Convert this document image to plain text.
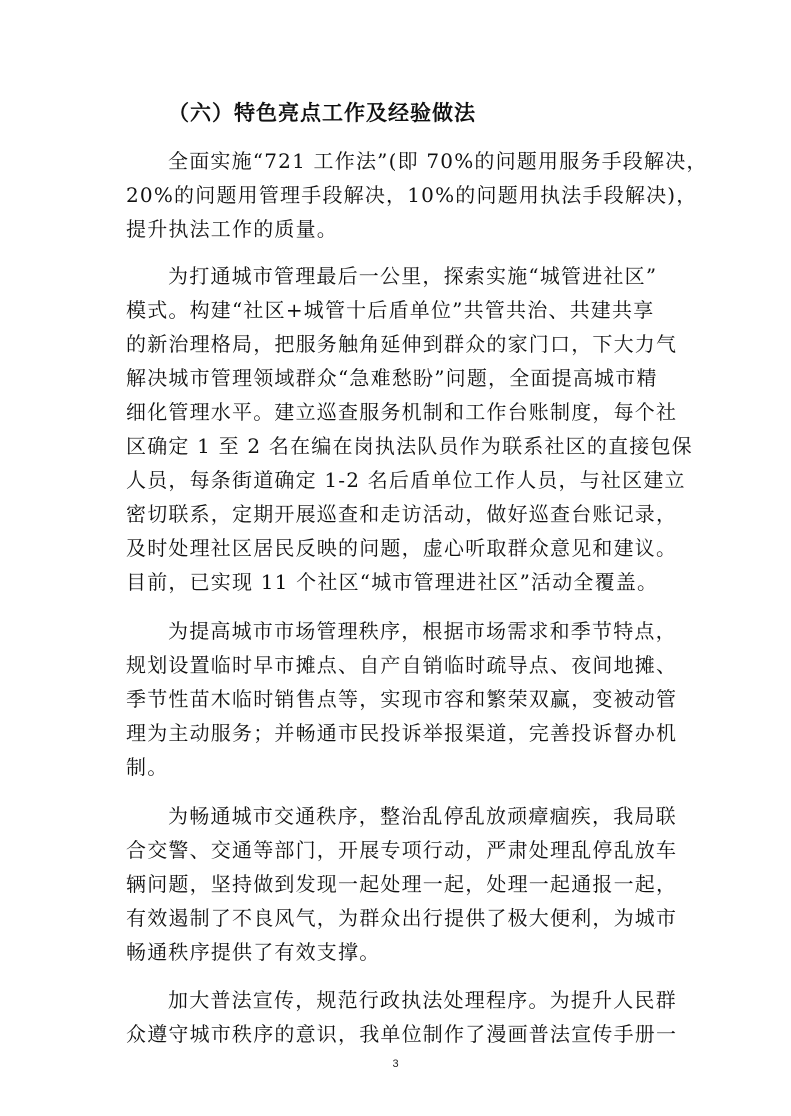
（六）特色亮点工作及经验做法
全面实施“721 工作法”(即 70%的问题用服务手段解决，
20%的问题用管理手段解决，10%的问题用执法手段解决)，
提升执法工作的质量。
为打通城市管理最后一公里，探索实施“城管进社区”
模式。构建“社区+城管十后盾单位”共管共治、共建共享
的新治理格局，把服务触角延伸到群众的家门口，下大力气
解决城市管理领域群众“急难愁盼”问题，全面提高城市精
细化管理水平。建立巡查服务机制和工作台账制度，每个社
区确定 1 至 2 名在编在岗执法队员作为联系社区的直接包保
人员，每条街道确定 1-2 名后盾单位工作人员，与社区建立
密切联系，定期开展巡查和走访活动，做好巡查台账记录，
及时处理社区居民反映的问题，虚心听取群众意见和建议。
目前，已实现 11 个社区“城市管理进社区”活动全覆盖。
为提高城市市场管理秩序，根据市场需求和季节特点，
规划设置临时早市摊点、自产自销临时疏导点、夜间地摊、
季节性苗木临时销售点等，实现市容和繁荣双赢，变被动管
理为主动服务；并畅通市民投诉举报渠道，完善投诉督办机
制。
为畅通城市交通秩序，整治乱停乱放顽瘴痼疾，我局联
合交警、交通等部门，开展专项行动，严肃处理乱停乱放车
辆问题，坚持做到发现一起处理一起，处理一起通报一起，
有效遏制了不良风气，为群众出行提供了极大便利，为城市
畅通秩序提供了有效支撑。
加大普法宣传，规范行政执法处理程序。为提升人民群
众遵守城市秩序的意识，我单位制作了漫画普法宣传手册一
3
